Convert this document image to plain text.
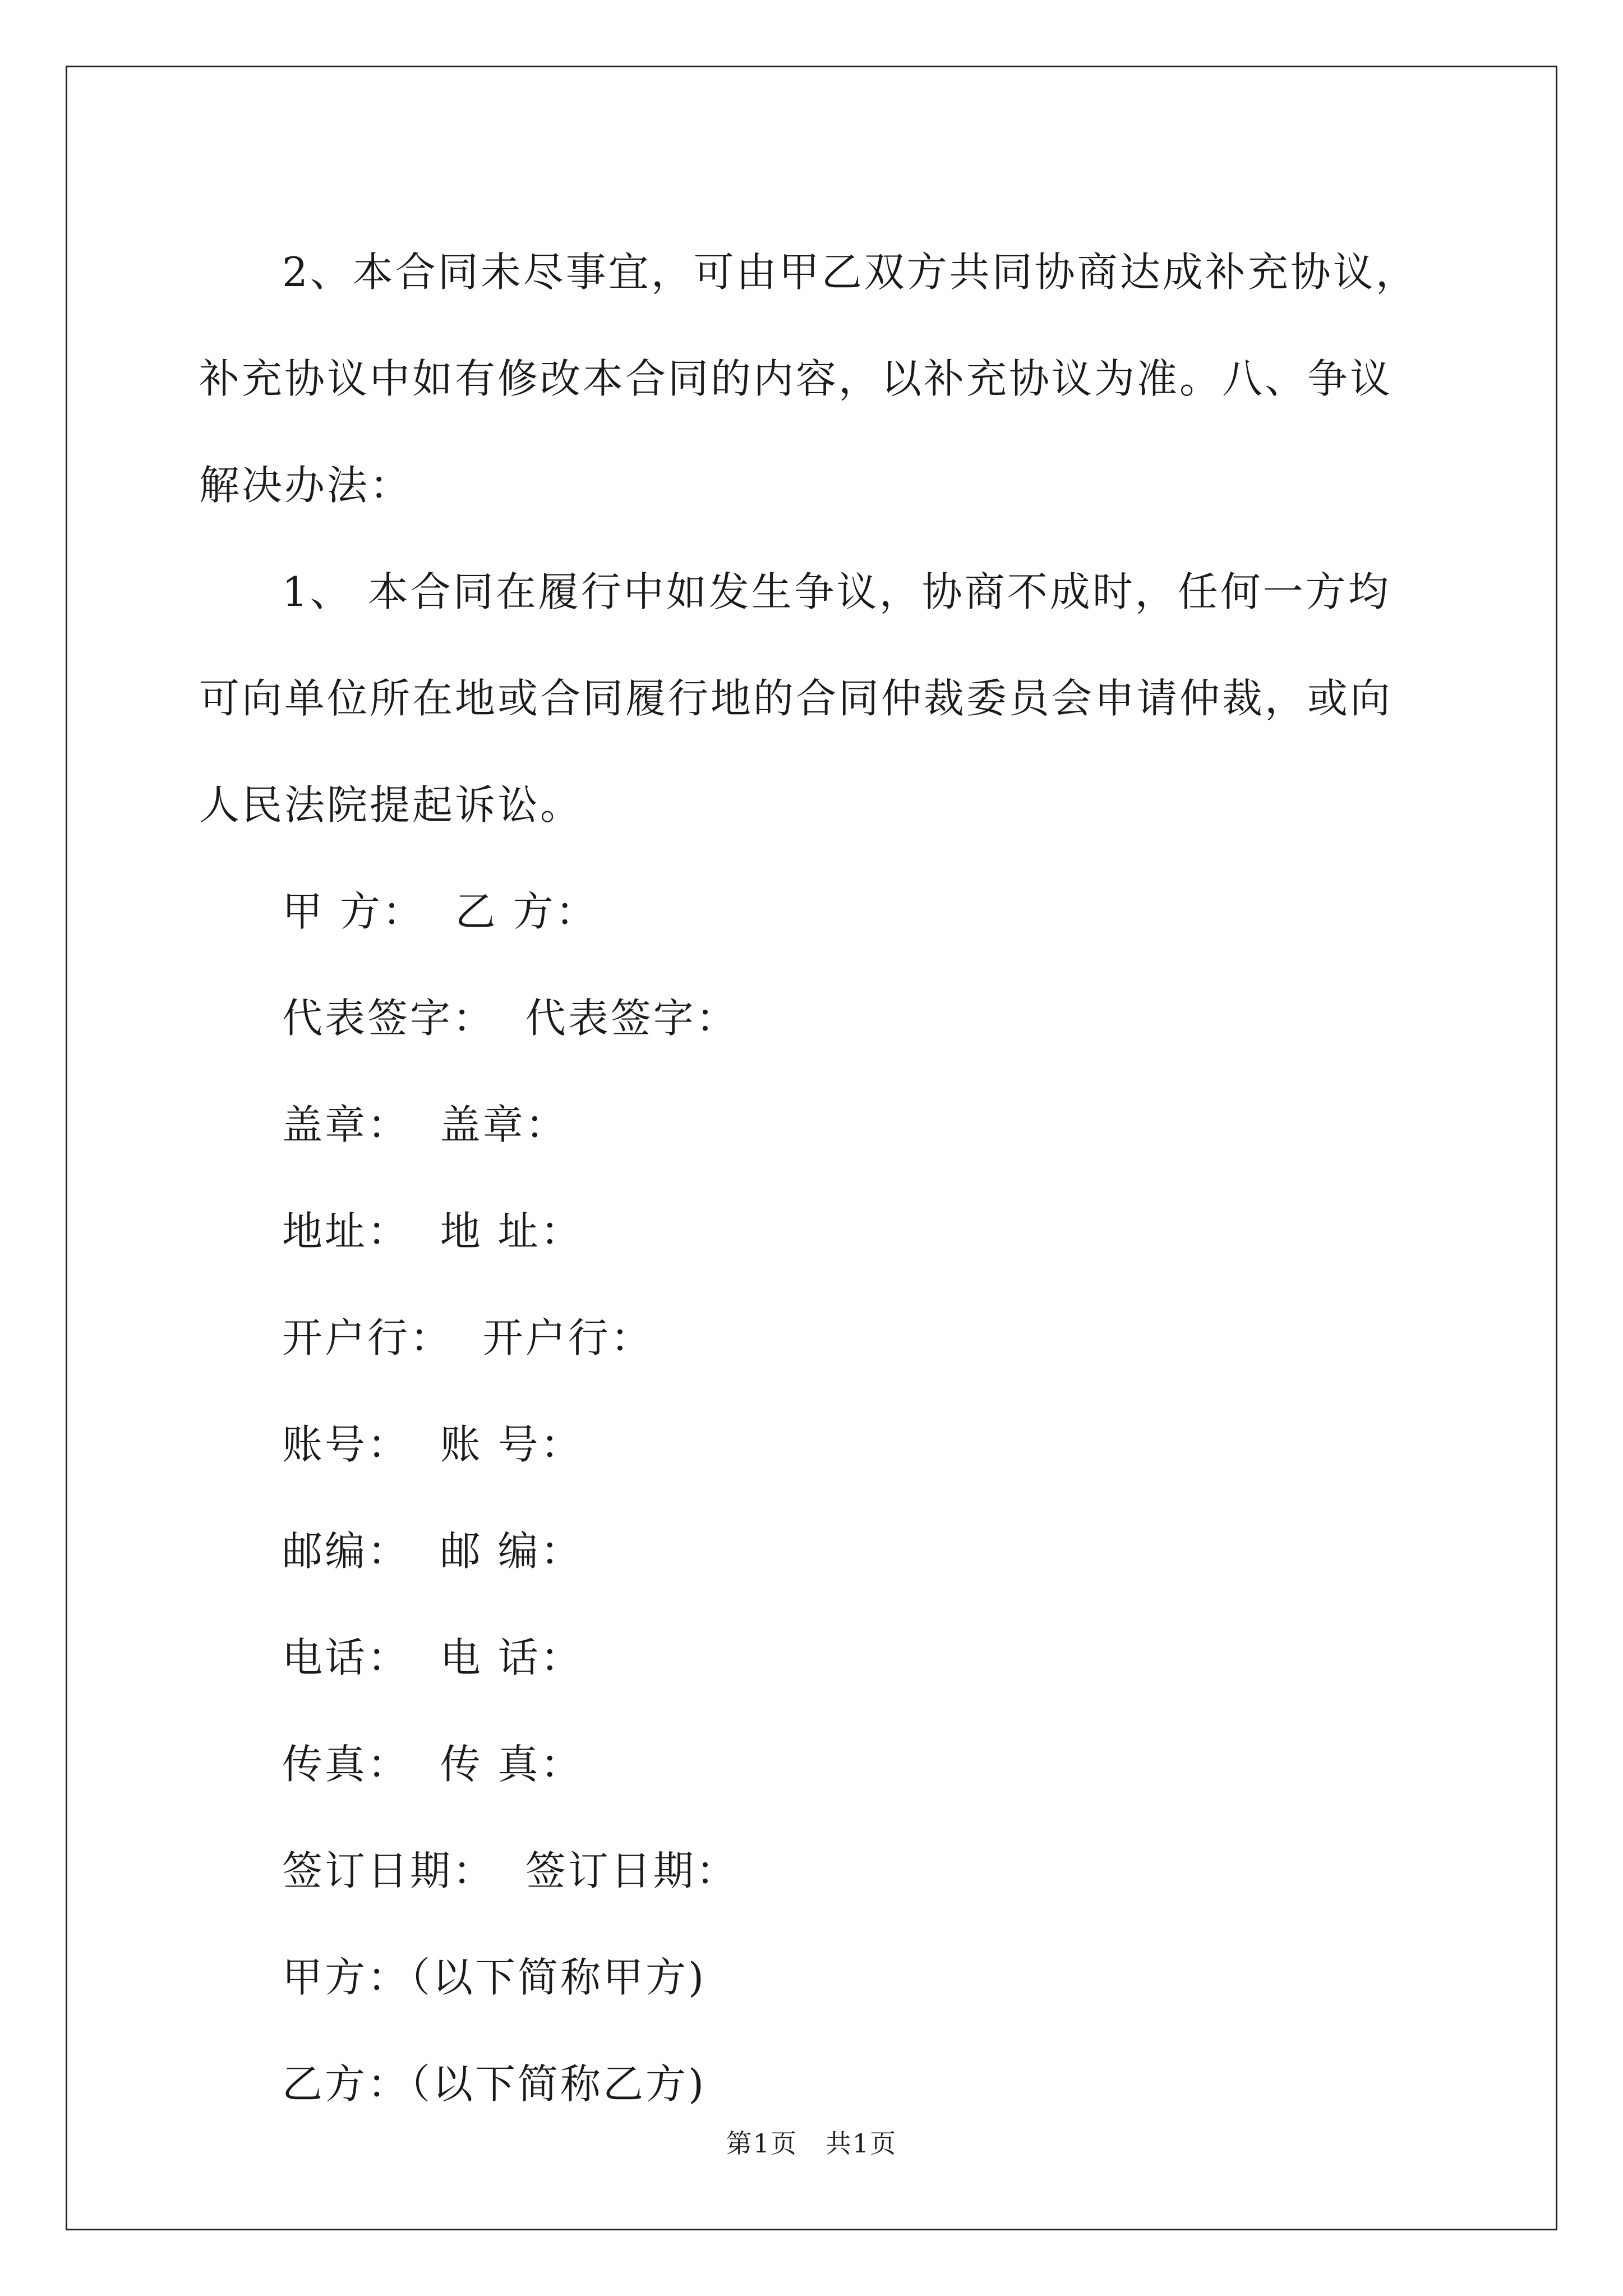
2、本合同未尽事宜，可由甲乙双方共同协商达成补充协议，补充协议中如有修改本合同的内容，以补充协议为准。八、争议解决办法：

1、 本合同在履行中如发生争议，协商不成时，任何一方均可向单位所在地或合同履行地的合同仲裁委员会申请仲裁，或向人民法院提起诉讼。

甲 方：  乙 方：

代表签字：  代表签字：

盖章：  盖章：

地址：  地 址：

开户行：  开户行：

账号：  账 号：

邮编：  邮 编：

电话：  电 话：

传真：  传 真：

签订日期：  签订日期：

甲方：（以下简称甲方)

乙方：（以下简称乙方)

第1页   共1页
